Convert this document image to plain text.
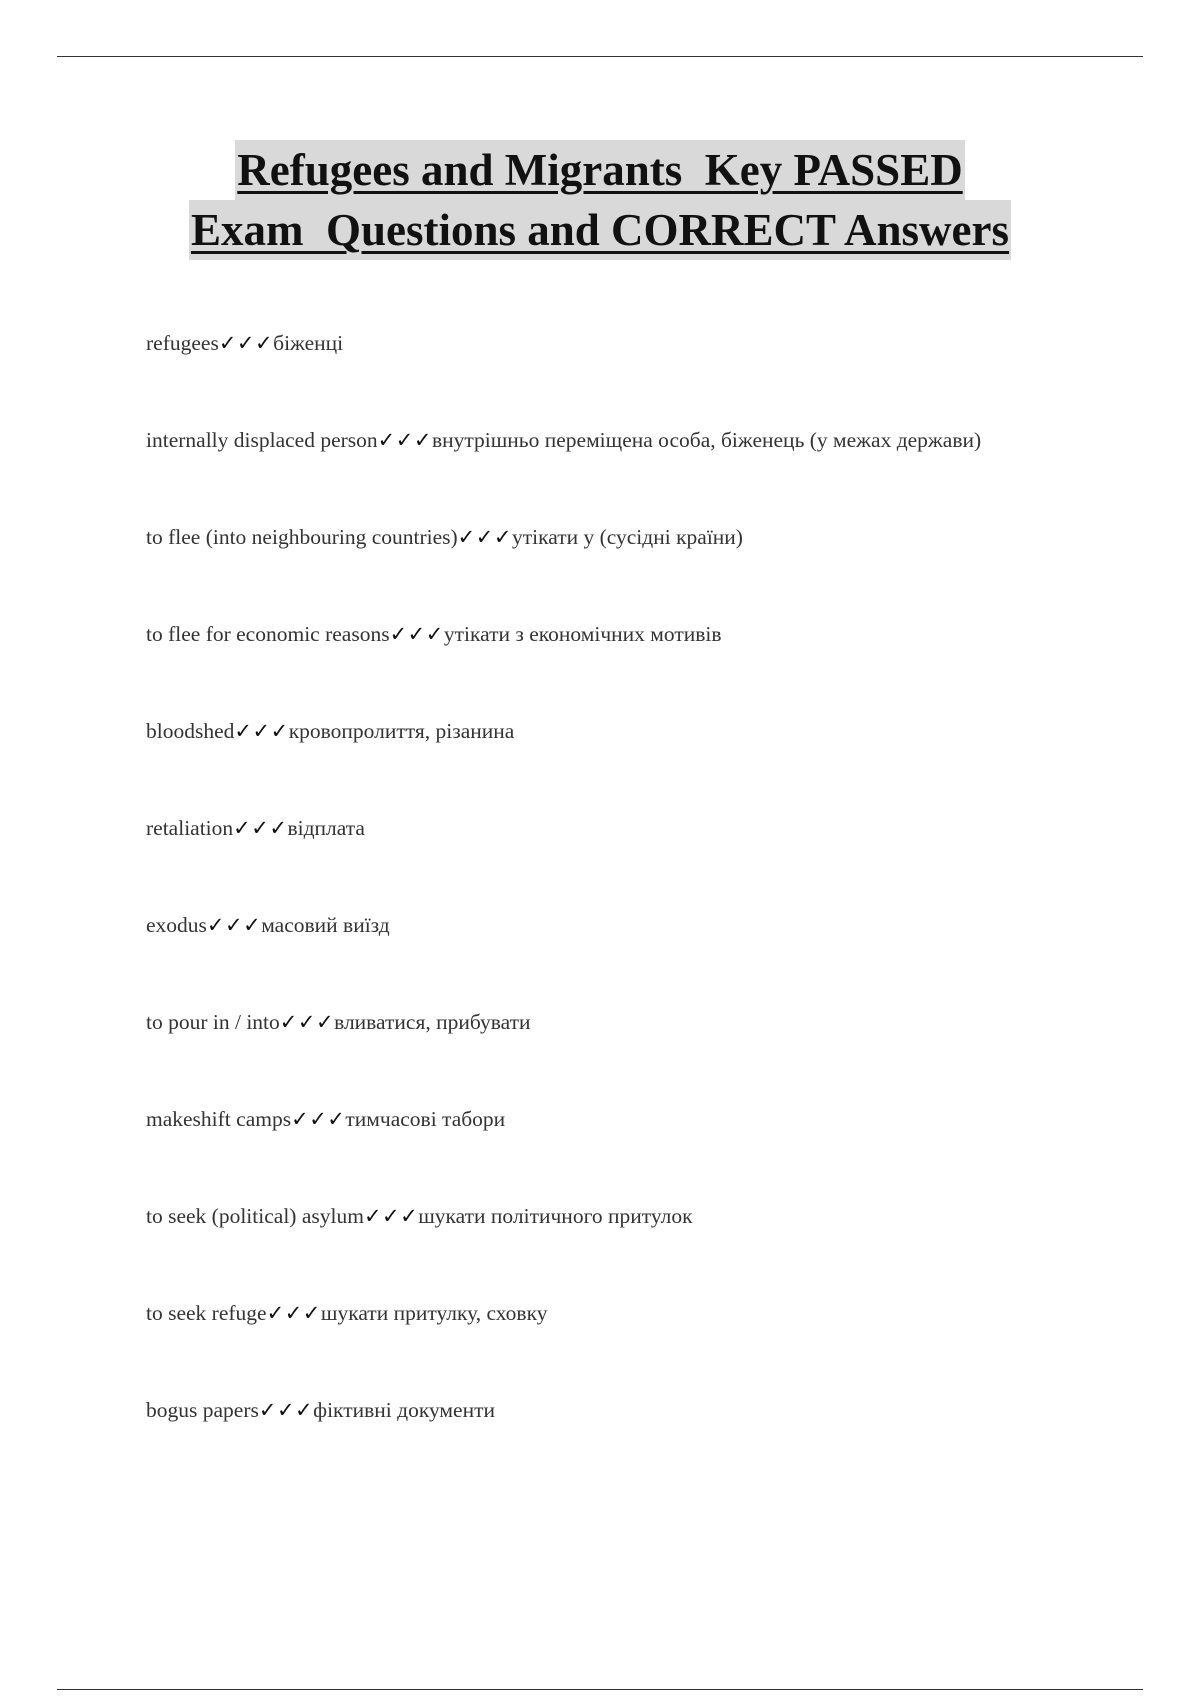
Refugees and Migrants  Key PASSED
Exam  Questions and CORRECT Answers
refugees✓✓✓біженці
internally displaced person✓✓✓внутрішньо переміщена особа, біженець (у межах держави)
to flee (into neighbouring countries)✓✓✓утікати у (сусідні країни)
to flee for economic reasons✓✓✓утікати з економічних мотивів
bloodshed✓✓✓кровопролиття, різанина
retaliation✓✓✓відплата
exodus✓✓✓масовий виїзд
to pour in / into✓✓✓вливатися, прибувати
makeshift camps✓✓✓тимчасові табори
to seek (political) asylum✓✓✓шукати політичного притулок
to seek refuge✓✓✓шукати притулку, сховку
bogus papers✓✓✓фіктивні документи
